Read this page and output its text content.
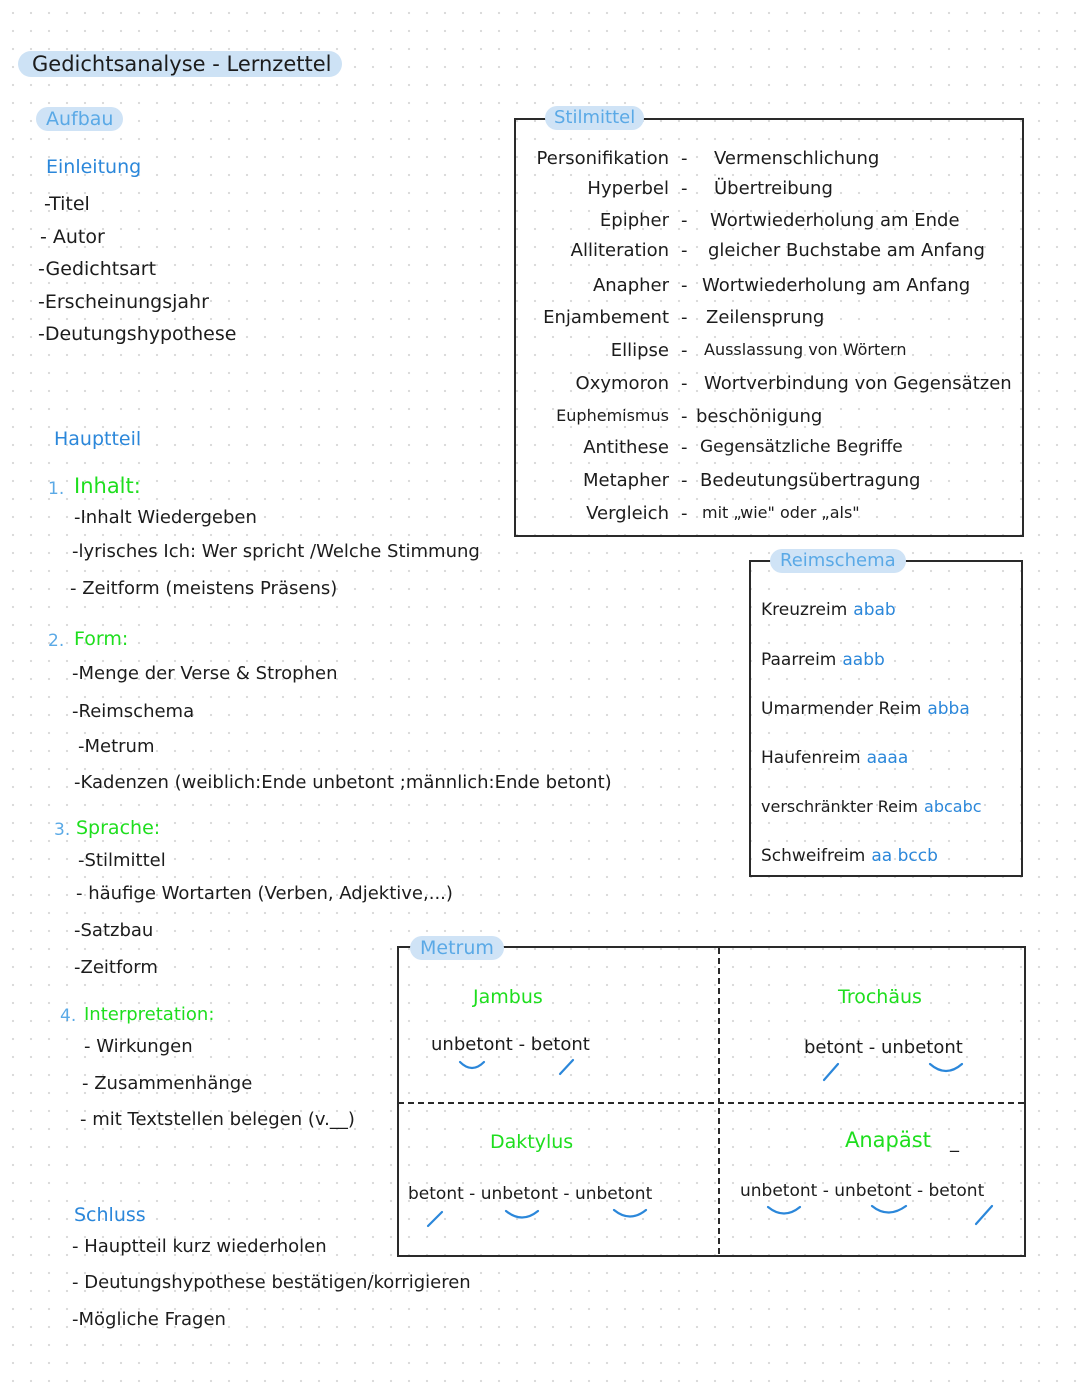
Gedichtsanalyse - Lernzettel
Aufbau
Einleitung
-Titel
- Autor
-Gedichtsart
-Erscheinungsjahr
-Deutungshypothese
Hauptteil
1. Inhalt:
-Inhalt Wiedergeben
-lyrisches Ich: Wer spricht /Welche Stimmung
- Zeitform (meistens Präsens)
2. Form:
-Menge der Verse & Strophen
-Reimschema
-Metrum
-Kadenzen (weiblich:Ende unbetont ;männlich:Ende betont)
3. Sprache:
-Stilmittel
- häufige Wortarten (Verben, Adjektive,...)
-Satzbau
-Zeitform
4. Interpretation:
- Wirkungen
- Zusammenhänge
- mit Textstellen belegen (v.__)
Schluss
- Hauptteil kurz wiederholen
- Deutungshypothese bestätigen/korrigieren
-Mögliche Fragen
Personifikation - Vermenschlichung
Hyperbel - Übertreibung
Epipher - Wortwiederholung am Ende
Alliteration - gleicher Buchstabe am Anfang
Anapher - Wortwiederholung am Anfang
Enjambement - Zeilensprung
Ellipse - Ausslassung von Wörtern
Oxymoron - Wortverbindung von Gegensätzen
Euphemismus - beschönigung
Antithese - Gegensätzliche Begriffe
Metapher - Bedeutungsübertragung
Vergleich - mit „wie" oder „als"
Stilmittel
Kreuzreim abab
Paarreim aabb
Umarmender Reim abba
Haufenreim aaaa
verschränkter Reim abcabc
Schweifreim aa bccb
Reimschema
Metrum
Jambus
unbetont - betont
Trochäus
betont - unbetont
Daktylus
betont - unbetont - unbetont
Anapäst _
unbetont - unbetont - betont
